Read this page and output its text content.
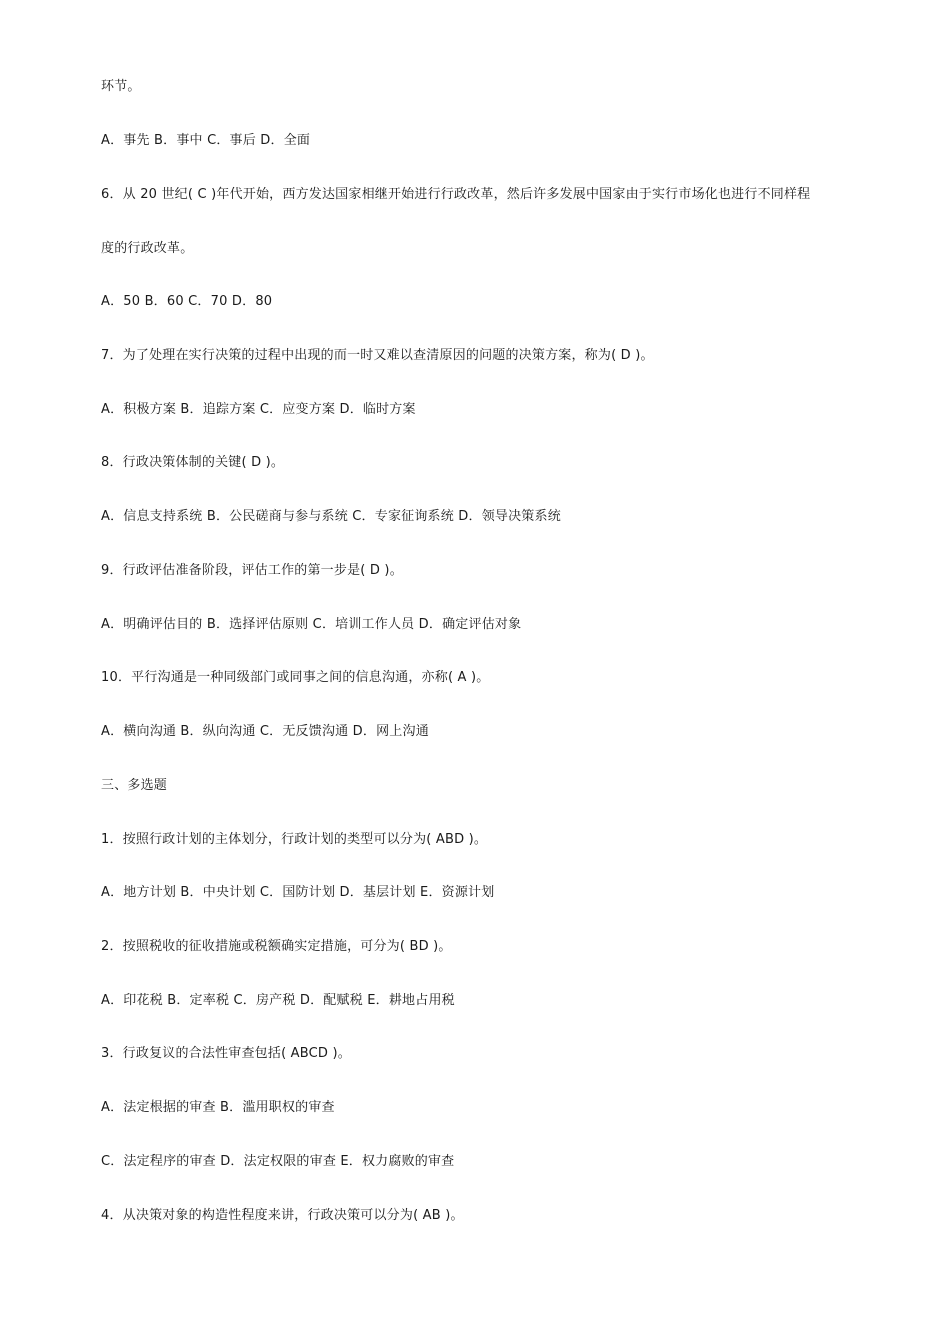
环节。
A．事先 B．事中 C．事后 D．全面
6．从 20 世纪( C )年代开始，西方发达国家相继开始进行行政改革，然后许多发展中国家由于实行市场化也进行不同样程
度的行政改革。
A．50 B．60 C．70 D．80
7．为了处理在实行决策的过程中出现的而一时又难以查清原因的问题的决策方案，称为( D )。
A．积极方案 B．追踪方案 C．应变方案 D．临时方案
8．行政决策体制的关键( D )。
A．信息支持系统 B．公民磋商与参与系统 C．专家征询系统 D．领导决策系统
9．行政评估准备阶段，评估工作的第一步是( D )。
A．明确评估目的 B．选择评估原则 C．培训工作人员 D．确定评估对象
10．平行沟通是一种同级部门或同事之间的信息沟通，亦称( A )。
A．横向沟通 B．纵向沟通 C．无反馈沟通 D．网上沟通
三、多选题
1．按照行政计划的主体划分，行政计划的类型可以分为( ABD )。
A．地方计划 B．中央计划 C．国防计划 D．基层计划 E．资源计划
2．按照税收的征收措施或税额确实定措施，可分为( BD )。
A．印花税 B．定率税 C．房产税 D．配赋税 E．耕地占用税
3．行政复议的合法性审查包括( ABCD )。
A．法定根据的审查 B．滥用职权的审查
C．法定程序的审查 D．法定权限的审查 E．权力腐败的审查
4．从决策对象的构造性程度来讲，行政决策可以分为( AB )。
